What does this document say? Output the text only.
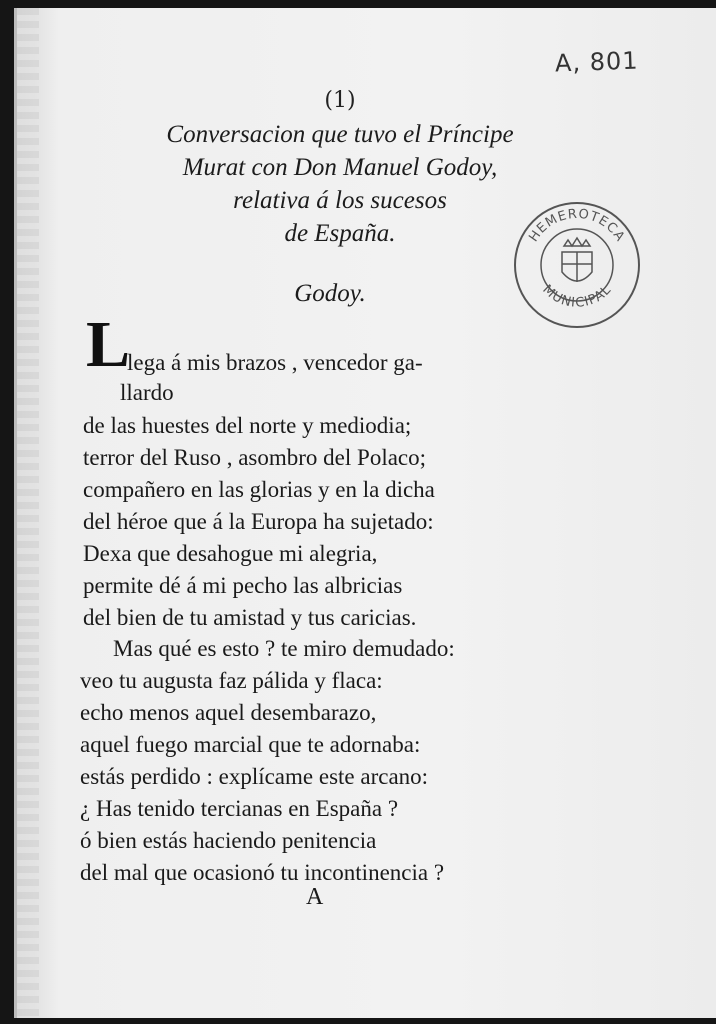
A, 801
(1)
Conversacion que tuvo el Príncipe
Murat con Don Manuel Godoy,
relativa á los sucesos
de España.	HEMEROTECA
MUNICIPAL
Godoy.
L
lega á mis brazos , vencedor ga-
llardo
de las huestes del norte y mediodia;
terror del Ruso , asombro del Polaco;
compañero en las glorias y en la dicha
del héroe que á la Europa ha sujetado:
Dexa que desahogue mi alegria,
permite dé á mi pecho las albricias
del bien de tu amistad y tus caricias.
Mas qué es esto ? te miro demudado:
veo tu augusta faz pálida y flaca:
echo menos aquel desembarazo,
aquel fuego marcial que te adornaba:
estás perdido : explícame este arcano:
¿ Has tenido tercianas en España ?
ó bien estás haciendo penitencia
del mal que ocasionó tu incontinencia ?
A
